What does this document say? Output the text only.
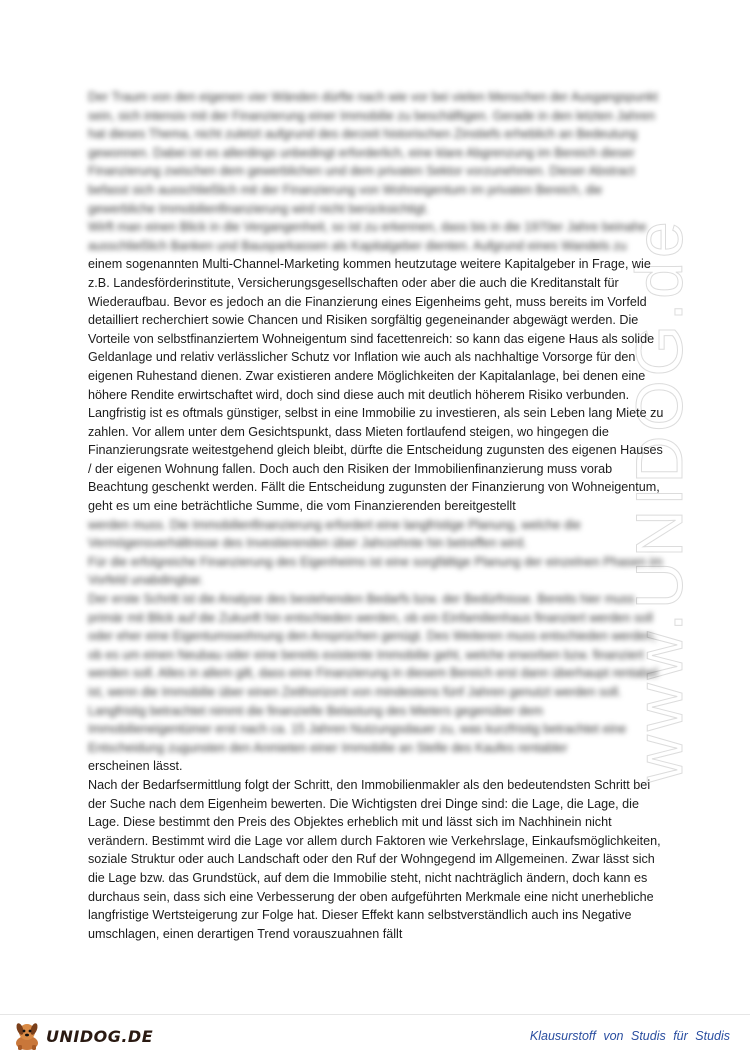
www.UNIDOG.de

Der Traum von den eigenen vier Wänden dürfte nach wie vor bei vielen Menschen der Ausgangspunkt sein, sich intensiv mit der Finanzierung einer Immobilie zu beschäftigen. Gerade in den letzten Jahren hat dieses Thema, nicht zuletzt aufgrund des derzeit historischen Zinstiefs erheblich an Bedeutung gewonnen. Dabei ist es allerdings unbedingt erforderlich, eine klare Abgrenzung im Bereich dieser Finanzierung zwischen dem gewerblichen und dem privaten Sektor vorzunehmen. Dieser Abstract befasst sich ausschließlich mit der Finanzierung von Wohneigentum im privaten Bereich, die gewerbliche Immobilienfinanzierung wird nicht berücksichtigt.

Wirft man einen Blick in die Vergangenheit, so ist zu erkennen, dass bis in die 1970er Jahre beinahe ausschließlich Banken und Bausparkassen als Kapitalgeber dienten. Aufgrund eines Wandels zu

einem sogenannten Multi-Channel-Marketing kommen heutzutage weitere Kapitalgeber in Frage, wie z.B. Landesförderinstitute, Versicherungsgesellschaften oder aber die auch die Kreditanstalt für Wiederaufbau. Bevor es jedoch an die Finanzierung eines Eigenheims geht, muss bereits im Vorfeld detailliert recherchiert sowie Chancen und Risiken sorgfältig gegeneinander abgewägt werden. Die Vorteile von selbstfinanziertem Wohneigentum sind facettenreich: so kann das eigene Haus als solide Geldanlage und relativ verlässlicher Schutz vor Inflation wie auch als nachhaltige Vorsorge für den eigenen Ruhestand dienen. Zwar existieren andere Möglichkeiten der Kapitalanlage, bei denen eine höhere Rendite erwirtschaftet wird, doch sind diese auch mit deutlich höherem Risiko verbunden. Langfristig ist es oftmals günstiger, selbst in eine Immobilie zu investieren, als sein Leben lang Miete zu zahlen. Vor allem unter dem Gesichtspunkt, dass Mieten fortlaufend steigen, wo hingegen die Finanzierungsrate weitestgehend gleich bleibt, dürfte die Entscheidung zugunsten des eigenen Hauses / der eigenen Wohnung fallen. Doch auch den Risiken der Immobilienfinanzierung muss vorab Beachtung geschenkt werden. Fällt die Entscheidung zugunsten der Finanzierung von Wohneigentum, geht es um eine beträchtliche Summe, die vom Finanzierenden bereitgestellt

werden muss. Die Immobilienfinanzierung erfordert eine langfristige Planung, welche die Vermögensverhältnisse des Investierenden über Jahrzehnte hin betreffen wird.

Für die erfolgreiche Finanzierung des Eigenheims ist eine sorgfältige Planung der einzelnen Phasen im Vorfeld unabdingbar.

Der erste Schritt ist die Analyse des bestehenden Bedarfs bzw. der Bedürfnisse. Bereits hier muss primär mit Blick auf die Zukunft hin entschieden werden, ob ein Einfamilienhaus finanziert werden soll oder eher eine Eigentumswohnung den Ansprüchen genügt. Des Weiteren muss entschieden werden, ob es um einen Neubau oder eine bereits existente Immobilie geht, welche erworben bzw. finanziert werden soll. Alles in allem gilt, dass eine Finanzierung in diesem Bereich erst dann überhaupt rentabel ist, wenn die Immobilie über einen Zeithorizont von mindestens fünf Jahren genutzt werden soll. Langfristig betrachtet nimmt die finanzielle Belastung des Mieters gegenüber dem Immobilieneigentümer erst nach ca. 15 Jahren Nutzungsdauer zu, was kurzfristig betrachtet eine Entscheidung zugunsten den Anmieten einer Immobilie an Stelle des Kaufes rentabler

erscheinen lässt.

Nach der Bedarfsermittlung folgt der Schritt, den Immobilienmakler als den bedeutendsten Schritt bei der Suche nach dem Eigenheim bewerten. Die Wichtigsten drei Dinge sind: die Lage, die Lage, die Lage. Diese bestimmt den Preis des Objektes erheblich mit und lässt sich im Nachhinein nicht verändern. Bestimmt wird die Lage vor allem durch Faktoren wie Verkehrslage, Einkaufsmöglichkeiten, soziale Struktur oder auch Landschaft oder den Ruf der Wohngegend im Allgemeinen. Zwar lässt sich die Lage bzw. das Grundstück, auf dem die Immobilie steht, nicht nachträglich ändern, doch kann es durchaus sein, dass sich eine Verbesserung der oben aufgeführten Merkmale eine nicht unerhebliche langfristige Wertsteigerung zur Folge hat. Dieser Effekt kann selbstverständlich auch ins Negative umschlagen, einen derartigen Trend vorauszuahnen fällt

UNIDOG.DE	Klausurstoff von Studis für Studis
